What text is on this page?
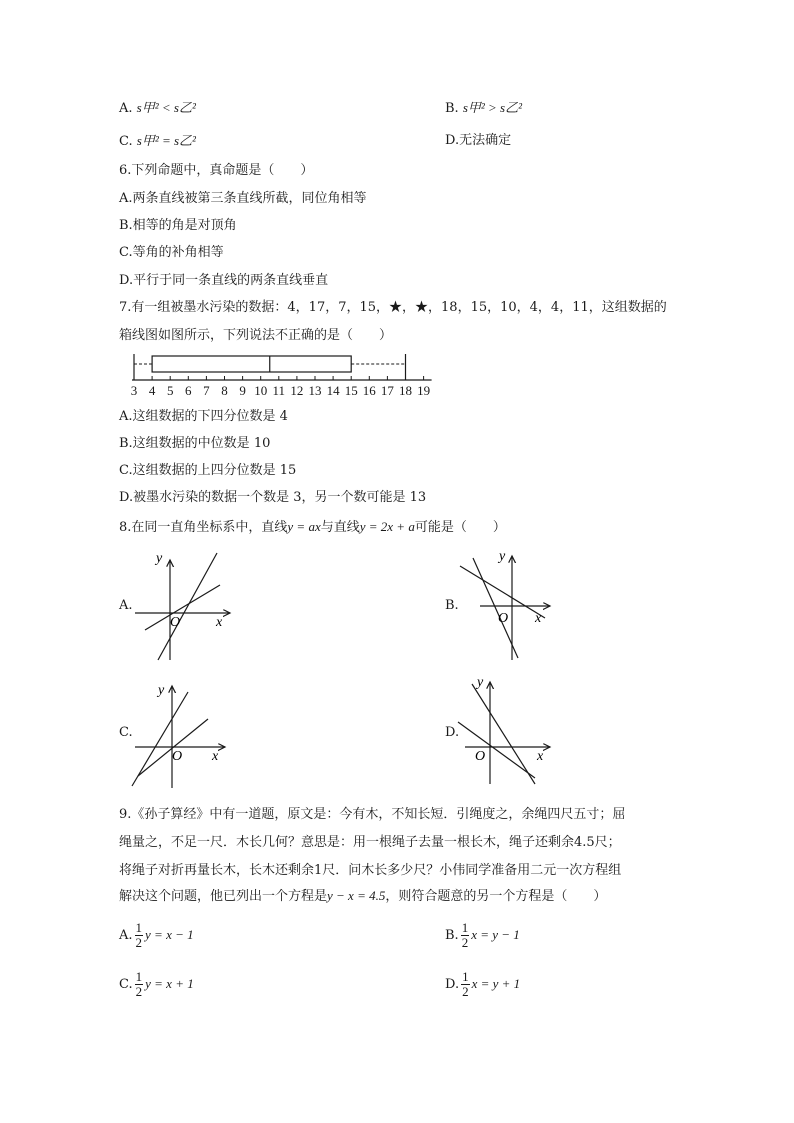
A. s甲² < s乙²	B. s甲² > s乙²
C. s甲² = s乙²	D.无法确定
6.下列命题中，真命题是（　　）
A.两条直线被第三条直线所截，同位角相等
B.相等的角是对顶角
C.等角的补角相等
D.平行于同一条直线的两条直线垂直
7.有一组被墨水污染的数据：4，17，7，15，★，★，18，15，10，4，4，11，这组数据的
箱线图如图所示，下列说法不正确的是（　　）
3 4 5 6 7 8 9 10 11 12 13 14 15 16 17 18 19
A.这组数据的下四分位数是 4
B.这组数据的中位数是 10
C.这组数据的上四分位数是 15
D.被墨水污染的数据一个数是 3，另一个数可能是 13
8.在同一直角坐标系中，直线y = ax与直线y = 2x + a可能是（　　）
A.
y
x
O
B.
y
x
O
C.
y
x
O
D.
y
x
O
9.《孙子算经》中有一道题，原文是：今有木，不知长短．引绳度之，余绳四尺五寸；屈
绳量之，不足一尺．木长几何？意思是：用一根绳子去量一根长木，绳子还剩余4.5尺；
将绳子对折再量长木，长木还剩余1尺．问木长多少尺？小伟同学准备用二元一次方程组
解决这个问题，他已列出一个方程是y − x = 4.5，则符合题意的另一个方程是（　　）
A. $\frac{1}{2}$ y = x − 1	B. $\frac{1}{2}$ x = y − 1
C. $\frac{1}{2}$ y = x + 1	D. $\frac{1}{2}$ x = y + 1
